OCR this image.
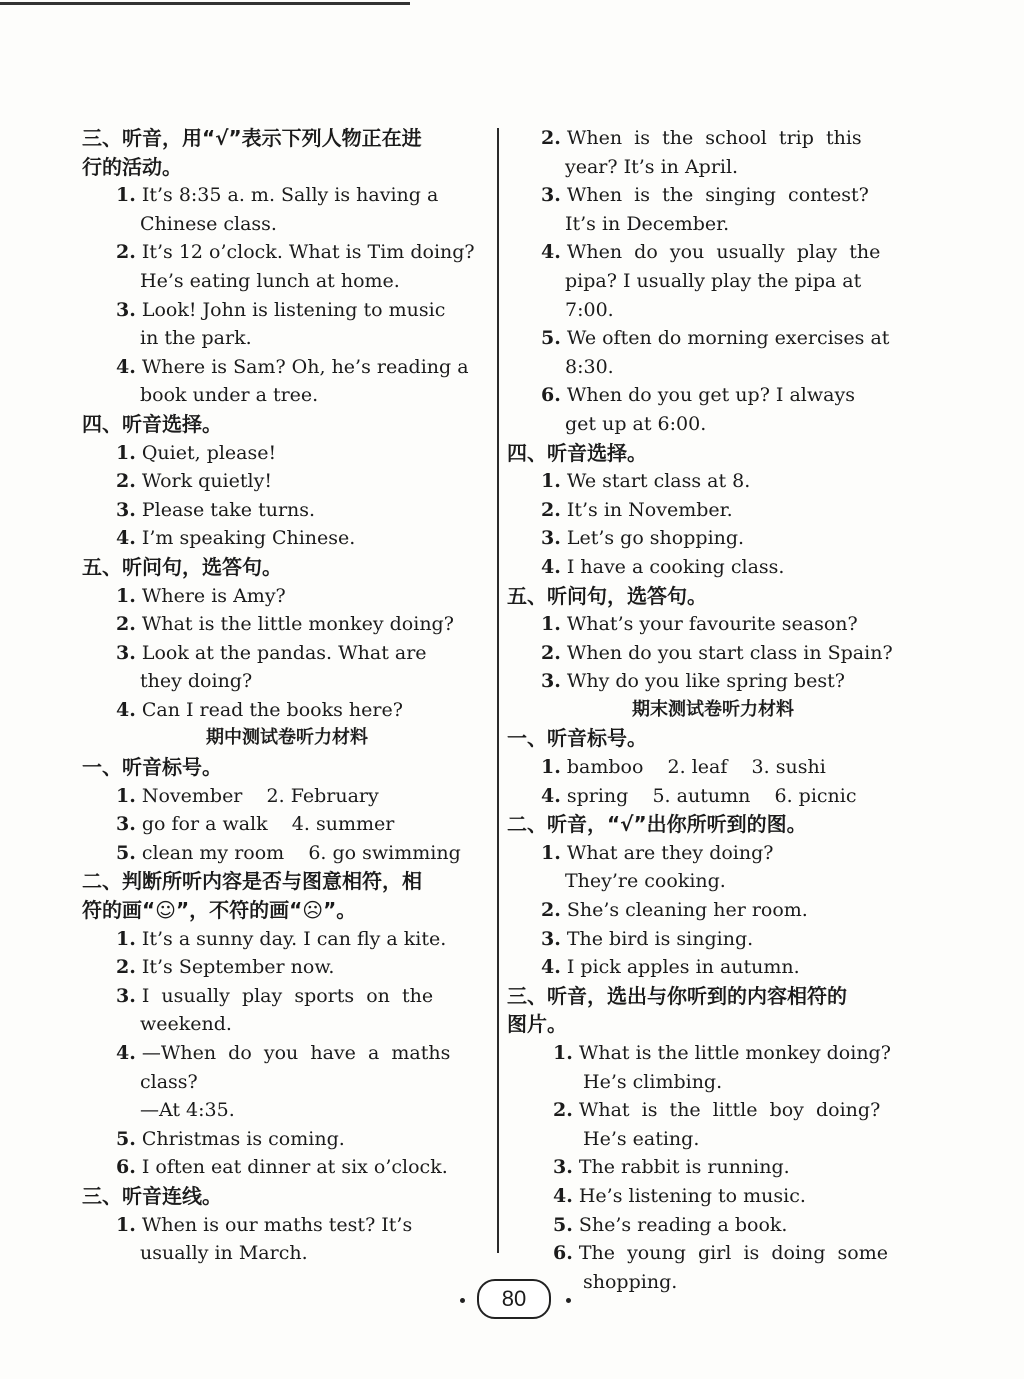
三、听音，用“√”表示下列人物正在进
行的活动。
1. It’s 8:35 a. m. Sally is having a
Chinese class.
2. It’s 12 o’clock. What is Tim doing?
He’s eating lunch at home.
3. Look! John is listening to music
in the park.
4. Where is Sam? Oh, he’s reading a
book under a tree.
四、听音选择。
1. Quiet, please!
2. Work quietly!
3. Please take turns.
4. I’m speaking Chinese.
五、听问句，选答句。
1. Where is Amy?
2. What is the little monkey doing?
3. Look at the pandas. What are
they doing?
4. Can I read the books here?
期中测试卷听力材料
一、听音标号。
1. November    2. February
3. go for a walk    4. summer
5. clean my room    6. go swimming
二、判断所听内容是否与图意相符，相
符的画“☺”，不符的画“☹”。
1. It’s a sunny day. I can fly a kite.
2. It’s September now.
3. I  usually  play  sports  on  the
weekend.
4. —When  do  you  have  a  maths
class?
—At 4:35.
5. Christmas is coming.
6. I often eat dinner at six o’clock.
三、听音连线。
1. When is our maths test? It’s
usually in March.
2. When  is  the  school  trip  this
year? It’s in April.
3. When  is  the  singing  contest?
It’s in December.
4. When  do  you  usually  play  the
pipa? I usually play the pipa at
7:00.
5. We often do morning exercises at
8:30.
6. When do you get up? I always
get up at 6:00.
四、听音选择。
1. We start class at 8.
2. It’s in November.
3. Let’s go shopping.
4. I have a cooking class.
五、听问句，选答句。
1. What’s your favourite season?
2. When do you start class in Spain?
3. Why do you like spring best?
期末测试卷听力材料
一、听音标号。
1. bamboo    2. leaf    3. sushi
4. spring    5. autumn    6. picnic
二、听音，“√”出你所听到的图。
1. What are they doing?
They’re cooking.
2. She’s cleaning her room.
3. The bird is singing.
4. I pick apples in autumn.
三、听音，选出与你听到的内容相符的
图片。
1. What is the little monkey doing?
He’s climbing.
2. What  is  the  little  boy  doing?
He’s eating.
3. The rabbit is running.
4. He’s listening to music.
5. She’s reading a book.
6. The  young  girl  is  doing  some
shopping.
80
